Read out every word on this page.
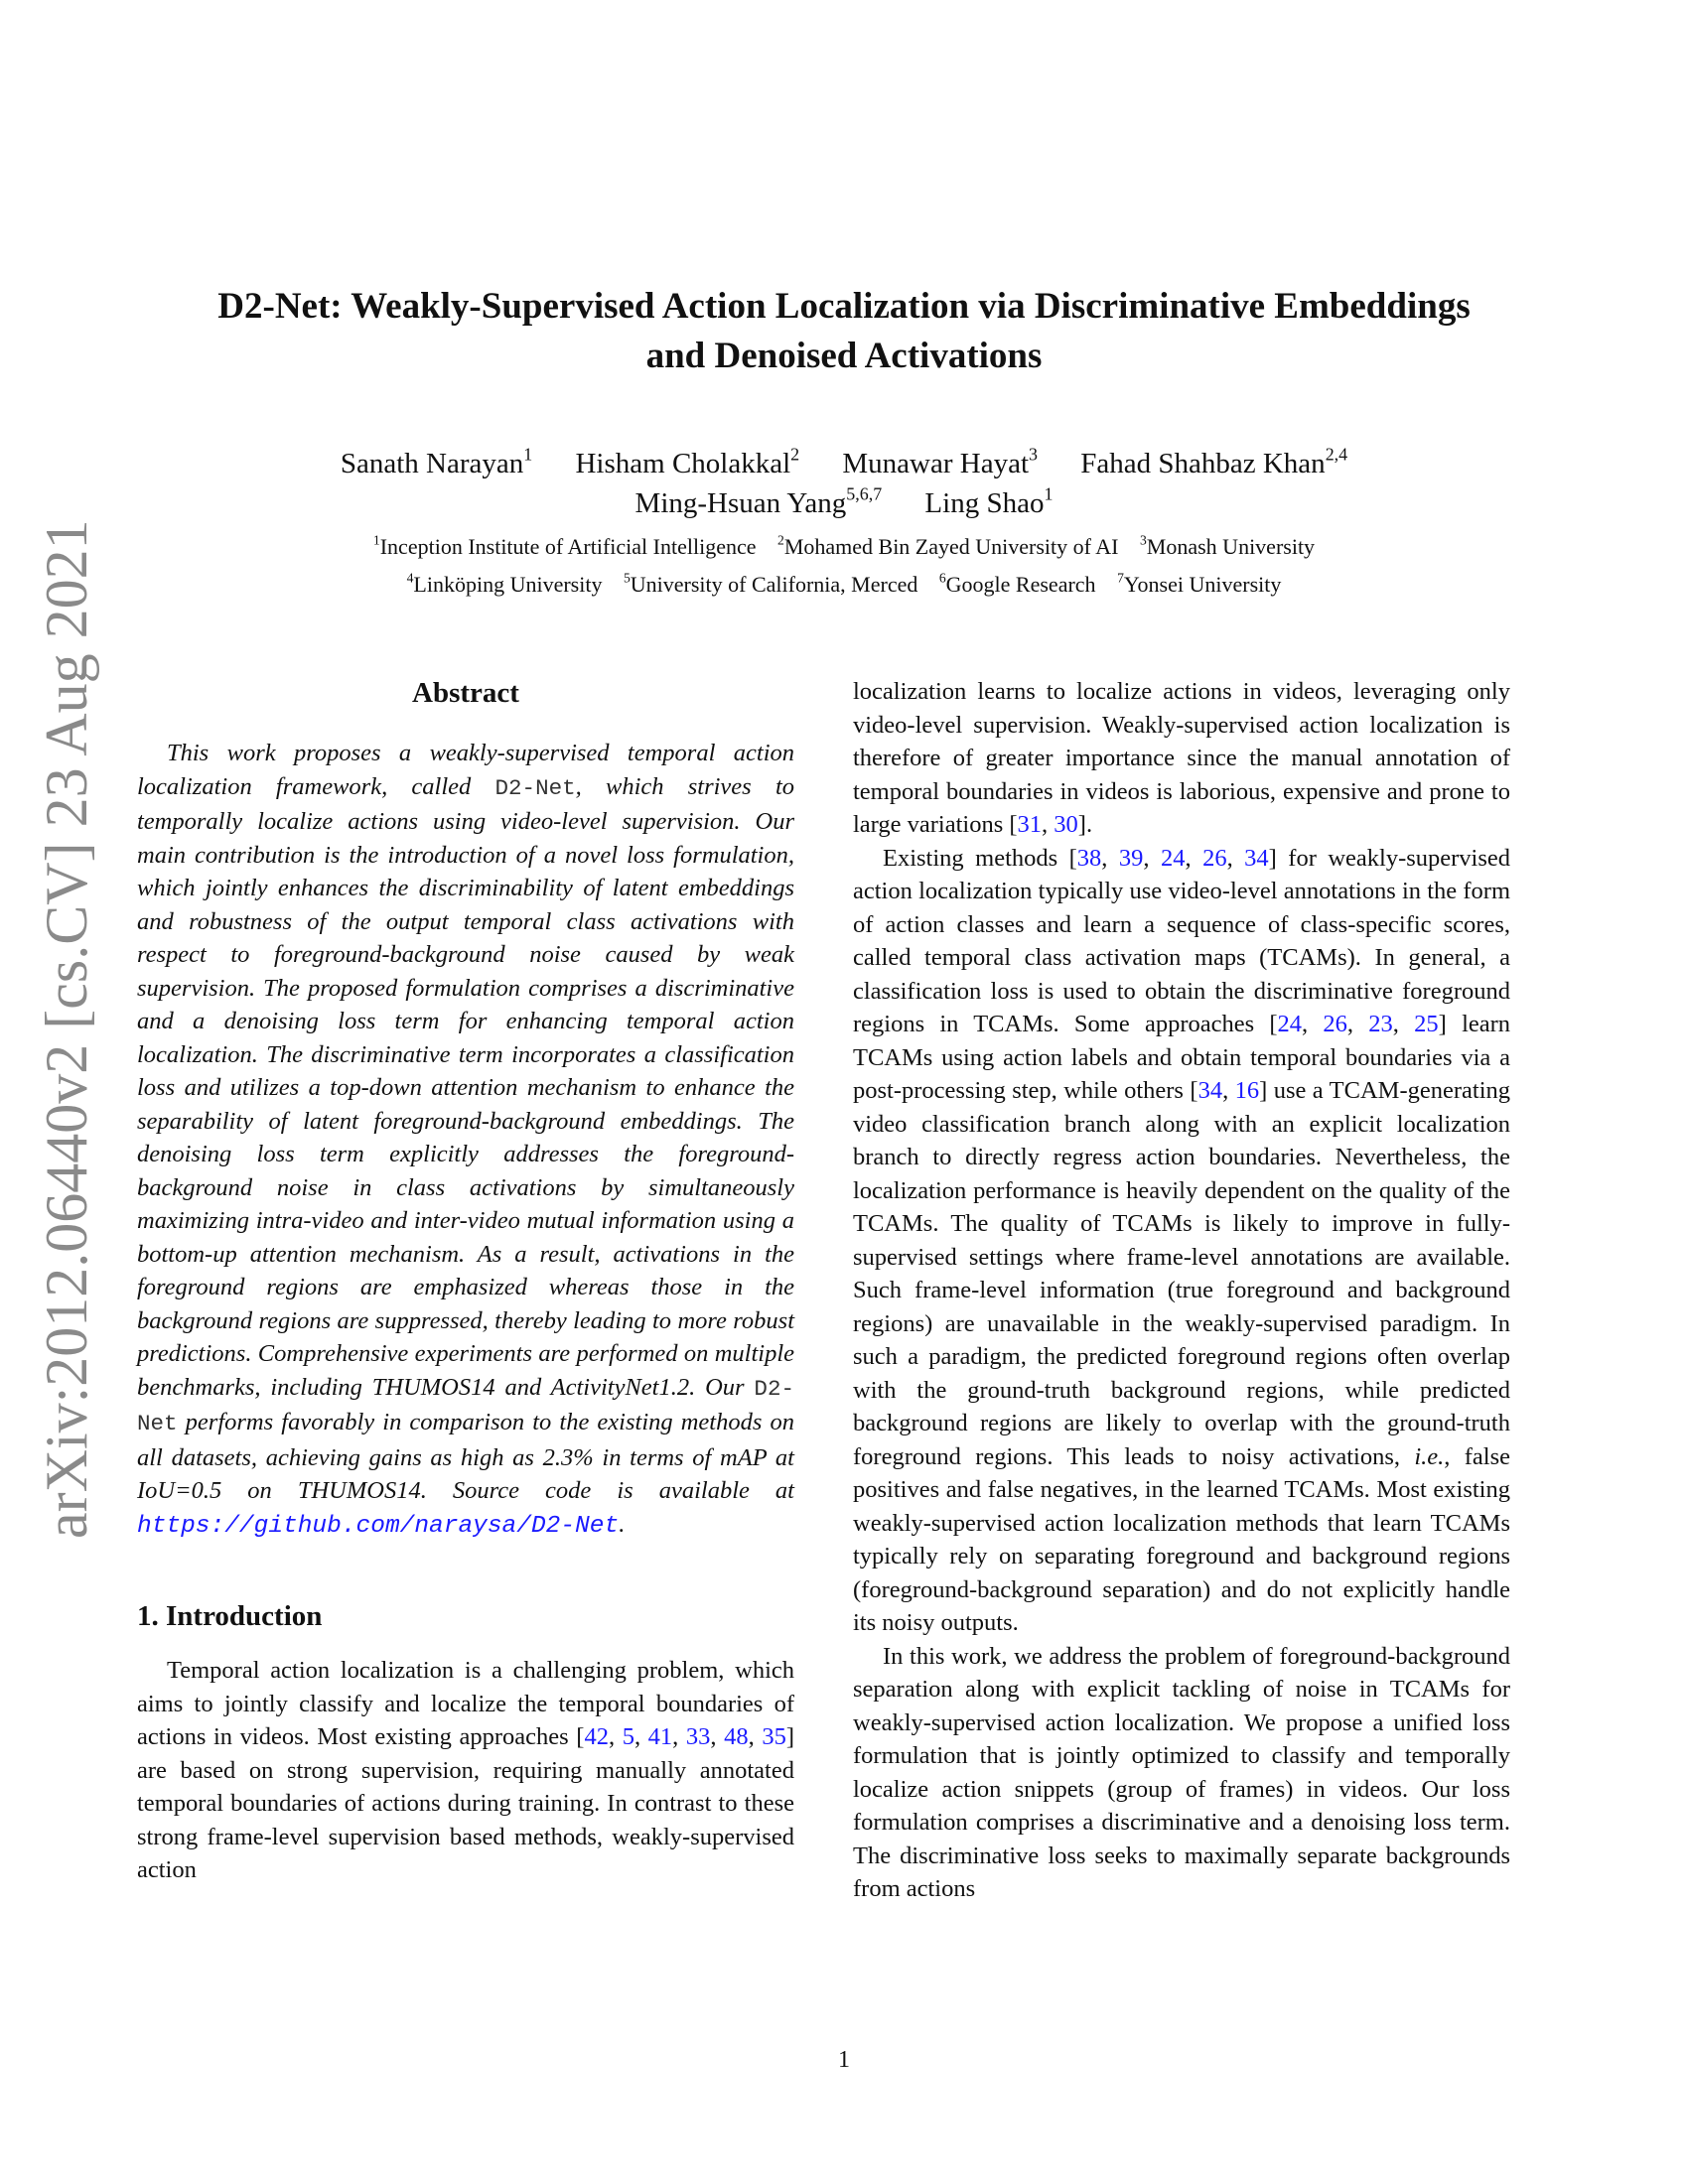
arXiv:2012.06440v2 [cs.CV] 23 Aug 2021
D2-Net: Weakly-Supervised Action Localization via Discriminative Embeddings
and Denoised Activations
Sanath Narayan$^1$ Hisham Cholakkal$^2$ Munawar Hayat$^3$ Fahad Shahbaz Khan$^{2,4}$
Ming-Hsuan Yang$^{5,6,7}$ Ling Shao$^1$
$^1$Inception Institute of Artificial Intelligence $^2$Mohamed Bin Zayed University of AI $^3$Monash University
$^4$Linköping University $^5$University of California, Merced $^6$Google Research $^7$Yonsei University
Abstract

This work proposes a weakly-supervised temporal action localization framework, called D2-Net, which strives to temporally localize actions using video-level supervision. Our main contribution is the introduction of a novel loss formulation, which jointly enhances the discriminability of latent embeddings and robustness of the output temporal class activations with respect to foreground-background noise caused by weak supervision. The proposed formulation comprises a discriminative and a denoising loss term for enhancing temporal action localization. The discriminative term incorporates a classification loss and utilizes a top-down attention mechanism to enhance the separability of latent foreground-background embeddings. The denoising loss term explicitly addresses the foreground-background noise in class activations by simultaneously maximizing intra-video and inter-video mutual information using a bottom-up attention mechanism. As a result, activations in the foreground regions are emphasized whereas those in the background regions are suppressed, thereby leading to more robust predictions. Comprehensive experiments are performed on multiple benchmarks, including THUMOS14 and ActivityNet1.2. Our D2-Net performs favorably in comparison to the existing methods on all datasets, achieving gains as high as 2.3% in terms of mAP at IoU=0.5 on THUMOS14. Source code is available at https://github.com/naraysa/D2-Net.

1. Introduction

Temporal action localization is a challenging problem, which aims to jointly classify and localize the temporal boundaries of actions in videos. Most existing approaches [42, 5, 41, 33, 48, 35] are based on strong supervision, requiring manually annotated temporal boundaries of actions during training. In contrast to these strong frame-level supervision based methods, weakly-supervised action

localization learns to localize actions in videos, leveraging only video-level supervision. Weakly-supervised action localization is therefore of greater importance since the manual annotation of temporal boundaries in videos is laborious, expensive and prone to large variations [31, 30].

Existing methods [38, 39, 24, 26, 34] for weakly-supervised action localization typically use video-level annotations in the form of action classes and learn a sequence of class-specific scores, called temporal class activation maps (TCAMs). In general, a classification loss is used to obtain the discriminative foreground regions in TCAMs. Some approaches [24, 26, 23, 25] learn TCAMs using action labels and obtain temporal boundaries via a post-processing step, while others [34, 16] use a TCAM-generating video classification branch along with an explicit localization branch to directly regress action boundaries. Nevertheless, the localization performance is heavily dependent on the quality of the TCAMs. The quality of TCAMs is likely to improve in fully-supervised settings where frame-level annotations are available. Such frame-level information (true foreground and background regions) are unavailable in the weakly-supervised paradigm. In such a paradigm, the predicted foreground regions often overlap with the ground-truth background regions, while predicted background regions are likely to overlap with the ground-truth foreground regions. This leads to noisy activations, i.e., false positives and false negatives, in the learned TCAMs. Most existing weakly-supervised action localization methods that learn TCAMs typically rely on separating foreground and background regions (foreground-background separation) and do not explicitly handle its noisy outputs.

In this work, we address the problem of foreground-background separation along with explicit tackling of noise in TCAMs for weakly-supervised action localization. We propose a unified loss formulation that is jointly optimized to classify and temporally localize action snippets (group of frames) in videos. Our loss formulation comprises a discriminative and a denoising loss term. The discriminative loss seeks to maximally separate backgrounds from actions

1
